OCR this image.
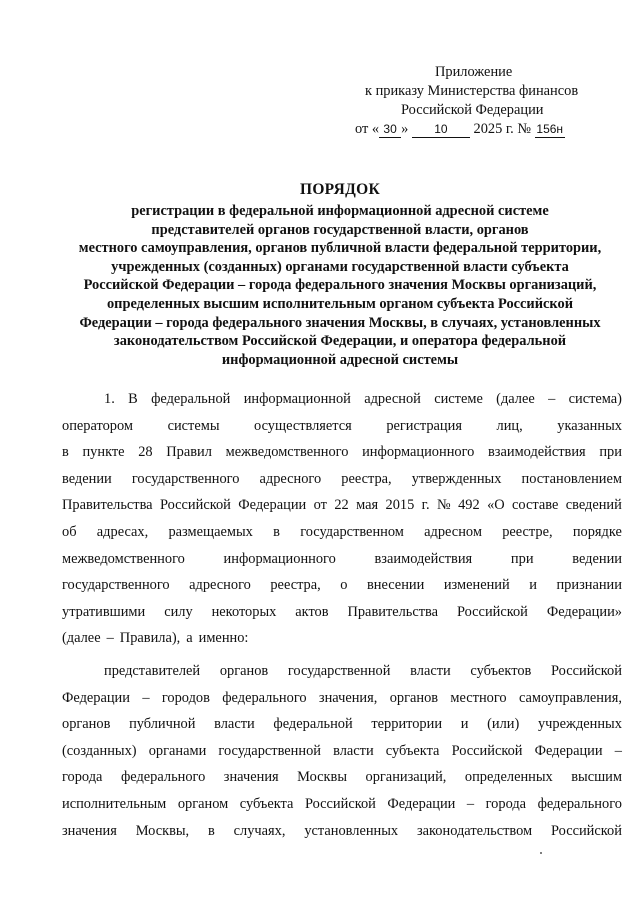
Приложение
к приказу Министерства финансов
Российской Федерации
от « 30 » 10 2025 г. № 156н
ПОРЯДОК
регистрации в федеральной информационной адресной системе
представителей органов государственной власти, органов
местного самоуправления, органов публичной власти федеральной территории,
учрежденных (созданных) органами государственной власти субъекта
Российской Федерации – города федерального значения Москвы организаций,
определенных высшим исполнительным органом субъекта Российской
Федерации – города федерального значения Москвы, в случаях, установленных
законодательством Российской Федерации, и оператора федеральной
информационной адресной системы
1. В федеральной информационной адресной системе (далее – система)
оператором системы осуществляется регистрация лиц, указанных
в пункте 28 Правил межведомственного информационного взаимодействия при
ведении государственного адресного реестра, утвержденных постановлением
Правительства Российской Федерации от 22 мая 2015 г. № 492 «О составе сведений
об адресах, размещаемых в государственном адресном реестре, порядке
межведомственного	информационного	взаимодействия	при	ведении
государственного адресного реестра, о внесении изменений и признании
утратившими силу некоторых актов Правительства Российской Федерации»
(далее – Правила), а именно:
представителей органов государственной власти субъектов Российской
Федерации – городов федерального значения, органов местного самоуправления,
органов публичной власти федеральной территории и (или) учрежденных
(созданных) органами государственной власти субъекта Российской Федерации –
города федерального значения Москвы организаций, определенных высшим
исполнительным органом субъекта Российской Федерации – города федерального
значения Москвы, в случаях, установленных законодательством Российской
